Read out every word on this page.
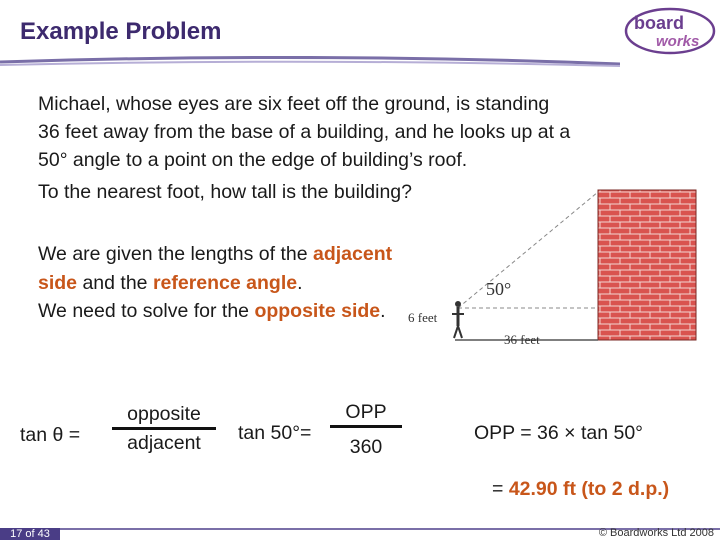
Example Problem	board
works

Michael, whose eyes are six feet off the ground, is standing

36 feet away from the base of a building, and he looks up at a

50° angle to a point on the edge of building’s roof.

To the nearest foot, how tall is the building?

We are given the lengths of the adjacent side and the reference angle.
We need to solve for the opposite side.
50°
6 feet
36 feet
tan θ =
opposite
adjacent	tan 50°=
OPP
360
OPP = 36 × tan 50°
= 42.90 ft (to 2 d.p.)
17 of 43	© Boardworks Ltd 2008
